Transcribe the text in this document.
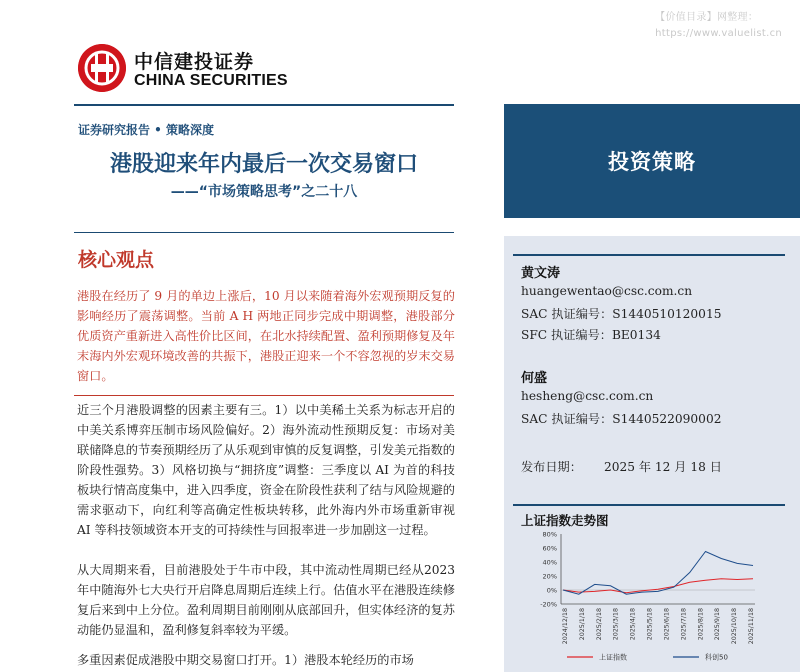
【价值目录】网整理：
https://www.valuelist.cn
中信建投证券
CHINA SECURITIES
证券研究报告 • 策略深度
港股迎来年内最后一次交易窗口
——“市场策略思考”之二十八
核心观点
港股在经历了 9 月的单边上涨后，10 月以来随着海外宏观预期反复的影响经历了震荡调整。当前 A H 两地正同步完成中期调整，港股部分优质资产重新进入高性价比区间，在北水持续配置、盈利预期修复及年末海内外宏观环境改善的共振下，港股正迎来一个不容忽视的岁末交易窗口。
近三个月港股调整的因素主要有三。1）以中美稀土关系为标志开启的中美关系博弈压制市场风险偏好。2）海外流动性预期反复：市场对美联储降息的节奏预期经历了从乐观到审慎的反复调整，引发美元指数的阶段性强势。3）风格切换与“拥挤度”调整：三季度以 AI 为首的科技板块行情高度集中，进入四季度，资金在阶段性获利了结与风险规避的需求驱动下，向红利等高确定性板块转移，此外海内外市场重新审视 AI 等科技领域资本开支的可持续性与回报率进一步加剧这一过程。
从大周期来看，目前港股处于牛市中段，其中流动性周期已经从2023 年中随海外七大央行开启降息周期后连续上行。估值水平在港股连续修复后来到中上分位。盈利周期目前刚刚从底部回升，但实体经济的复苏动能仍显温和，盈利修复斜率较为平缓。
多重因素促成港股中期交易窗口打开。1）港股本轮经历的市场
投资策略
黄文涛
huangewentao@csc.com.cn
SAC 执证编号：S1440510120015
SFC 执证编号：BE0134
何盛
hesheng@csc.com.cn
SAC 执证编号：S1440522090002
发布日期： 2025 年 12 月 18 日
上证指数走势图
80%
60%
40%
20%
0%
-20%
2024/12/18 2025/1/18 2025/2/18 2025/3/18 2025/4/18 2025/5/18 2025/6/18 2025/7/18 2025/8/18 2025/9/18 2025/10/18 2025/11/18
上证指数	科创50
